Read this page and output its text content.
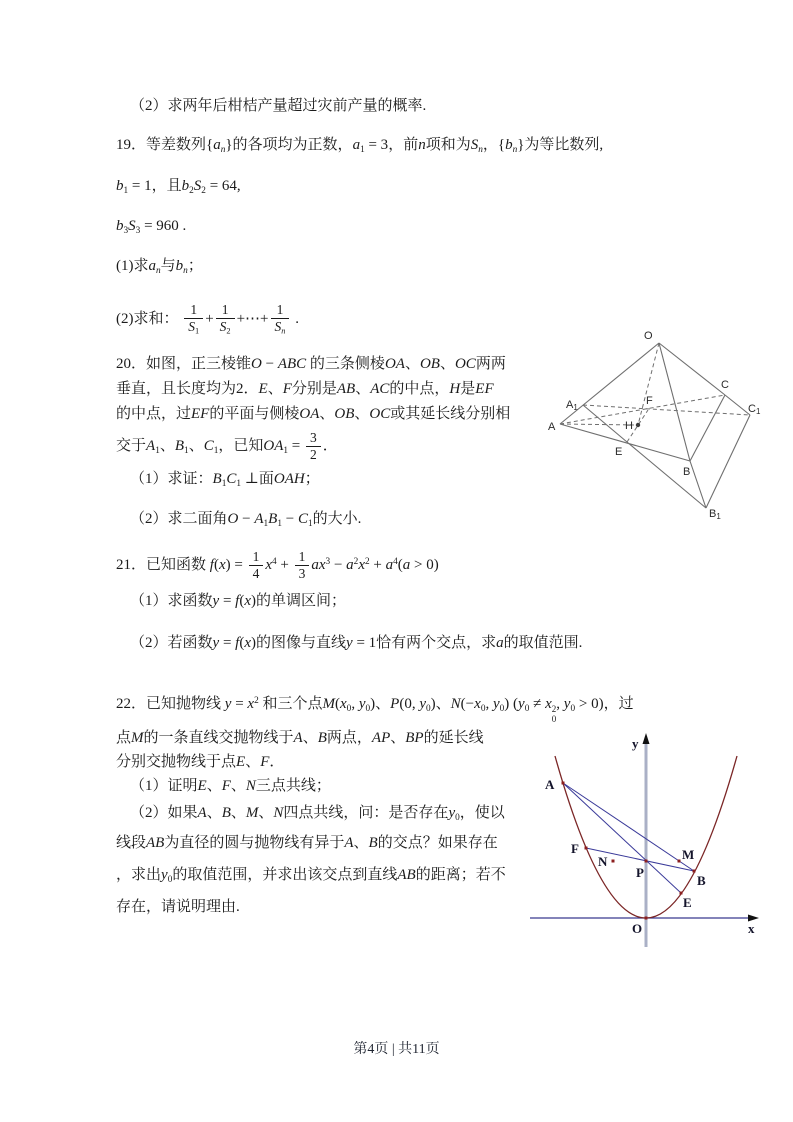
（2）求两年后柑桔产量超过灾前产量的概率.
19．等差数列{an}的各项均为正数，a1 = 3，前n项和为Sn，{bn}为等比数列,
b1 = 1，且b2S2 = 64,
b3S3 = 960 .
(1)求an与bn；
(2)求和： $\frac{1}{S1} + \frac{1}{S2}$ +⋯+ $\frac{1}{Sn}$ .
20．如图，正三棱锥O − ABC 的三条侧棱OA、OB、OC两两
垂直，且长度均为2．E、F分别是AB、AC的中点，H是EF
的中点，过EF的平面与侧棱OA、OB、OC或其延长线分别相
交于A1、B1、C1，已知$OA1 = \frac{3}{2}$ ．
（1）求证：B1C1 ⊥面OAH；
（2）求二面角O − A1B1 − C1的大小.
21．已知函数 $f(x) = \frac{1}{4} x^4 + \frac{1}{3} ax^3 - a^2x^2 + a^4(a > 0)$
（1）求函数y = f(x)的单调区间；
（2）若函数y = f(x)的图像与直线y = 1恰有两个交点，求a的取值范围.
22．已知抛物线 $y = x^2$ 和三个点M(x0, y0)、P(0, y0)、N(−x0, y0) (y0 ≠ x 2
0
, y0 > 0)，过
点M的一条直线交抛物线于A、B两点，AP、BP的延长线
分别交抛物线于点E、F．
（1）证明E、F、N三点共线；
（2）如果A、B、M、N四点共线，问：是否存在y0，使以
线段AB为直径的圆与抛物线有异于A、B的交点？如果存在
，求出y0的取值范围，并求出该交点到直线AB的距离；若不
存在，请说明理由.
O
A1
A
C
C1
F
H
E
B
B1
y
x
O
A
F
N
P
M
B
E
第4页 | 共11页
